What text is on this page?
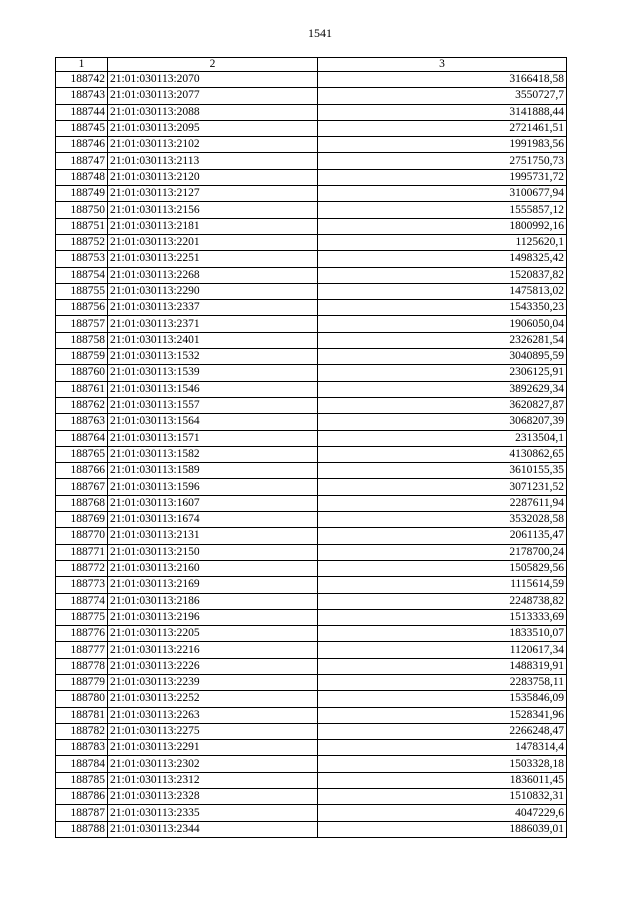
1541
1	2	3
188742	21:01:030113:2070	3166418,58
188743	21:01:030113:2077	3550727,7
188744	21:01:030113:2088	3141888,44
188745	21:01:030113:2095	2721461,51
188746	21:01:030113:2102	1991983,56
188747	21:01:030113:2113	2751750,73
188748	21:01:030113:2120	1995731,72
188749	21:01:030113:2127	3100677,94
188750	21:01:030113:2156	1555857,12
188751	21:01:030113:2181	1800992,16
188752	21:01:030113:2201	1125620,1
188753	21:01:030113:2251	1498325,42
188754	21:01:030113:2268	1520837,82
188755	21:01:030113:2290	1475813,02
188756	21:01:030113:2337	1543350,23
188757	21:01:030113:2371	1906050,04
188758	21:01:030113:2401	2326281,54
188759	21:01:030113:1532	3040895,59
188760	21:01:030113:1539	2306125,91
188761	21:01:030113:1546	3892629,34
188762	21:01:030113:1557	3620827,87
188763	21:01:030113:1564	3068207,39
188764	21:01:030113:1571	2313504,1
188765	21:01:030113:1582	4130862,65
188766	21:01:030113:1589	3610155,35
188767	21:01:030113:1596	3071231,52
188768	21:01:030113:1607	2287611,94
188769	21:01:030113:1674	3532028,58
188770	21:01:030113:2131	2061135,47
188771	21:01:030113:2150	2178700,24
188772	21:01:030113:2160	1505829,56
188773	21:01:030113:2169	1115614,59
188774	21:01:030113:2186	2248738,82
188775	21:01:030113:2196	1513333,69
188776	21:01:030113:2205	1833510,07
188777	21:01:030113:2216	1120617,34
188778	21:01:030113:2226	1488319,91
188779	21:01:030113:2239	2283758,11
188780	21:01:030113:2252	1535846,09
188781	21:01:030113:2263	1528341,96
188782	21:01:030113:2275	2266248,47
188783	21:01:030113:2291	1478314,4
188784	21:01:030113:2302	1503328,18
188785	21:01:030113:2312	1836011,45
188786	21:01:030113:2328	1510832,31
188787	21:01:030113:2335	4047229,6
188788	21:01:030113:2344	1886039,01
